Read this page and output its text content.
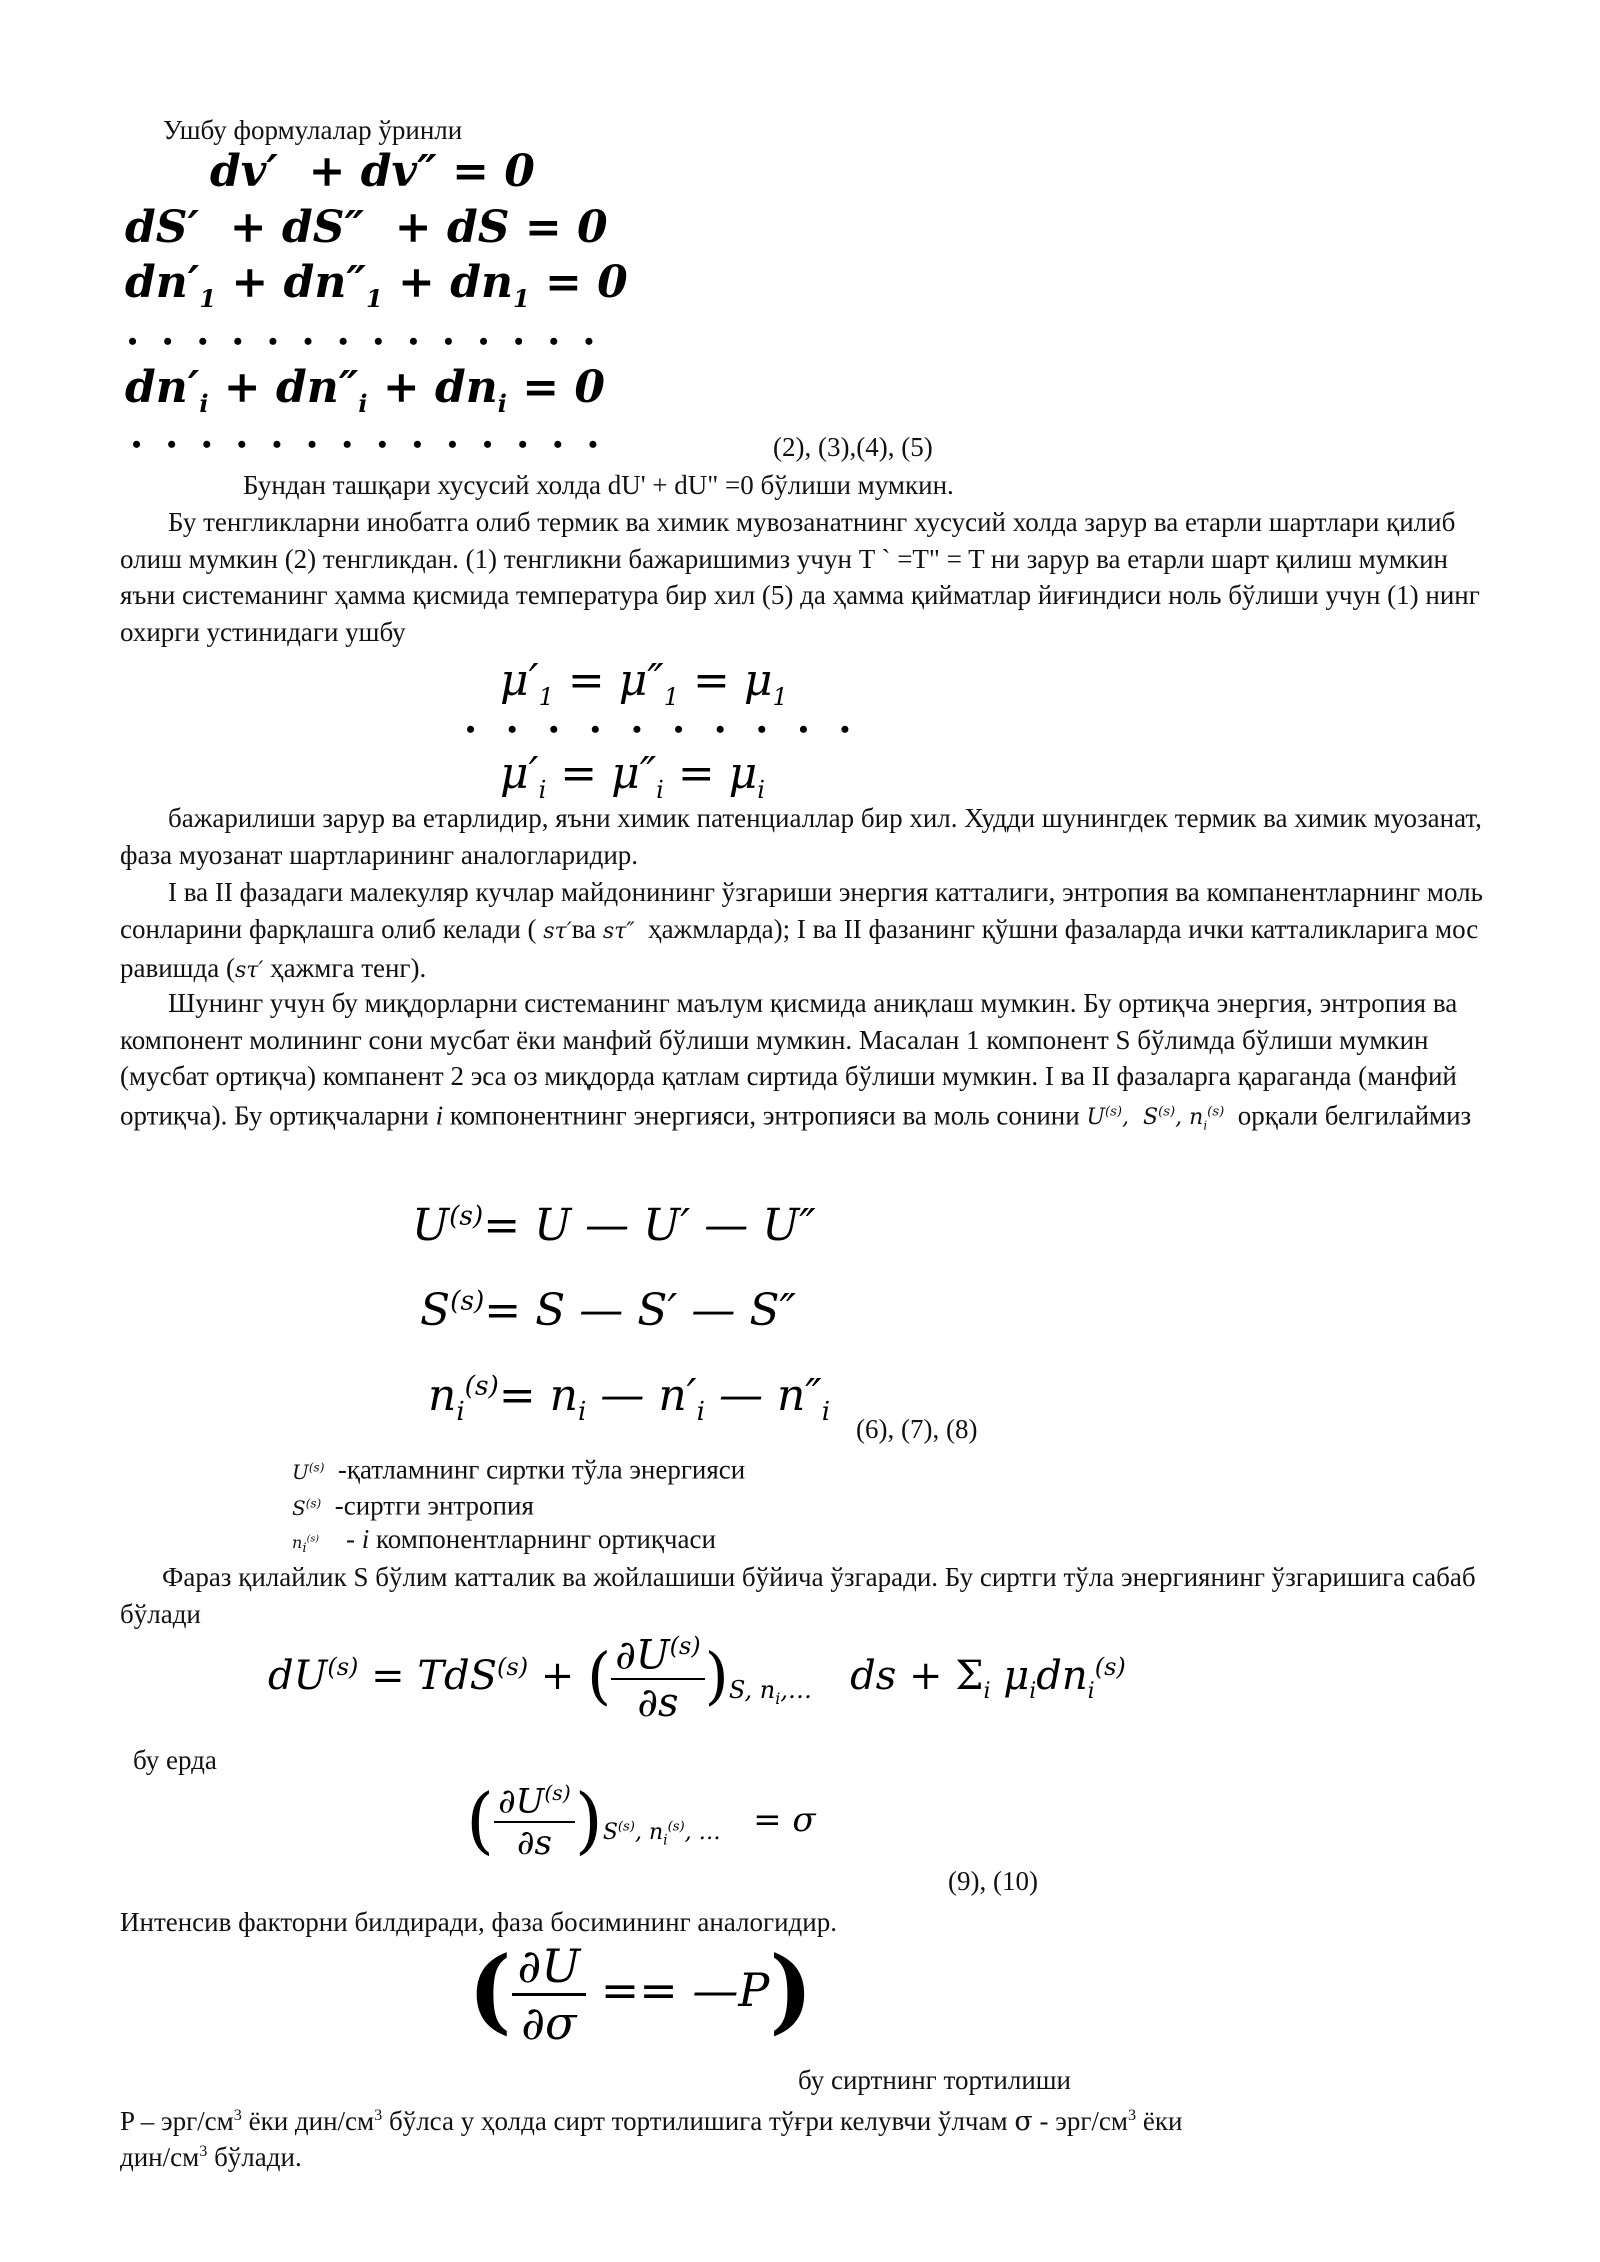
Ушбу формулалар ўринли
dv′  + dv″ = 0
dS′  + dS″  + dS = 0
$dn'_1 + dn''_1 + dn_1 = 0$
•    •    •    •    •    •    •    •    •    •    •    •    •    •
$dn'_i + dn''_i + dn_i = 0$
•    •    •    •    •    •    •    •    •    •    •    •    •    •	(2), (3),(4), (5)
Бундан ташқари хусусий холда dU' + dU" =0 бўлиши мумкин.
Бу тенгликларни инобатга олиб термик ва химик мувозанатнинг хусусий холда зарур ва етарли шартлари қилиб олиш мумкин (2) тенгликдан. (1) тенгликни бажаришимиз учун T ` =T" = T ни зарур ва етарли шарт қилиш мумкин яъни системанинг ҳамма қисмида температура бир хил (5) да ҳамма қийматлар йиғиндиси ноль бўлиши учун (1) нинг охирги устинидаги ушбу
$\mu'_1 = \mu''_1 = \mu_1$
•     •     •     •     •     •     •     •     •     •
$\mu'_i = \mu''_i = \mu_i$
бажарилиши зарур ва етарлидир, яъни химик патенциаллар бир хил. Худди шунингдек термик ва химик муозанат, фаза муозанат шартларининг аналогларидир.
I ва II фазадаги малекуляр кучлар майдонининг ўзгариши энергия катталиги, энтропия ва компанентларнинг моль сонларини фарқлашга олиб келади ( sτ′ва sτ″ ҳажмларда); I ва II фазанинг қўшни фазаларда ички катталикларига мос равишда (sτ′ ҳажмга тенг).
Шунинг учун бу миқдорларни системанинг маълум қисмида аниқлаш мумкин. Бу ортиқча энергия, энтропия ва компонент молининг сони мусбат ёки манфий бўлиши мумкин. Масалан 1 компонент S бўлимда бўлиши мумкин (мусбат ортиқча) компанент 2 эса оз миқдорда қатлам сиртида бўлиши мумкин. I ва II фазаларга қараганда (манфий ортиқча). Бу ортиқчаларни i компонентнинг энергияси, энтропияси ва моль сонини $U^{(s)}$,  $S^{(s)}$, $n_i^{(s)}$ орқали белгилаймиз
$U^{(s)}= U$ — U′ — U″
$S^{(s)}= S$ — S′ — S″
$n_i^{(s)}= n_i$ — $n'_i$ — $n''_i$
(6), (7), (8)
$U^{(s)}$ -қатламнинг сиртки тўла энергияси
$S^{(s)}$ -сиртги энтропия
$n_i^{(s)}$ - i компонентларнинг ортиқчаси
Фараз қилайлик S бўлим катталик ва жойлашиши бўйича ўзгаради. Бу сиртги тўла энергиянинг ўзгаришига сабаб бўлади
$dU^{(s)} = TdS^{(s)}$ + ( $\frac{\partial U^{(s)}}{\partial s} )_{S, n_i,\dots}$   ds + $\Sigma_i$ $\mu_idn_i^{(s)}$
бу ерда
( $\frac{\partial U^{(s)}}{\partial s} )_{S^{(s)}, n_i^{(s)}, \dots} = \sigma$
(9), (10)
Интенсив факторни билдиради, фаза босимининг аналогидир.
( $\frac{\partial U}{\partial\sigma}$ == —P)
бу сиртнинг тортилиши
P – эрг/$см^3$ ёки дин/$см^3$ бўлса у ҳолда сирт тортилишига тўғри келувчи ўлчам σ - эрг/$см^3$ ёки
дин/$см^3$ бўлади.
